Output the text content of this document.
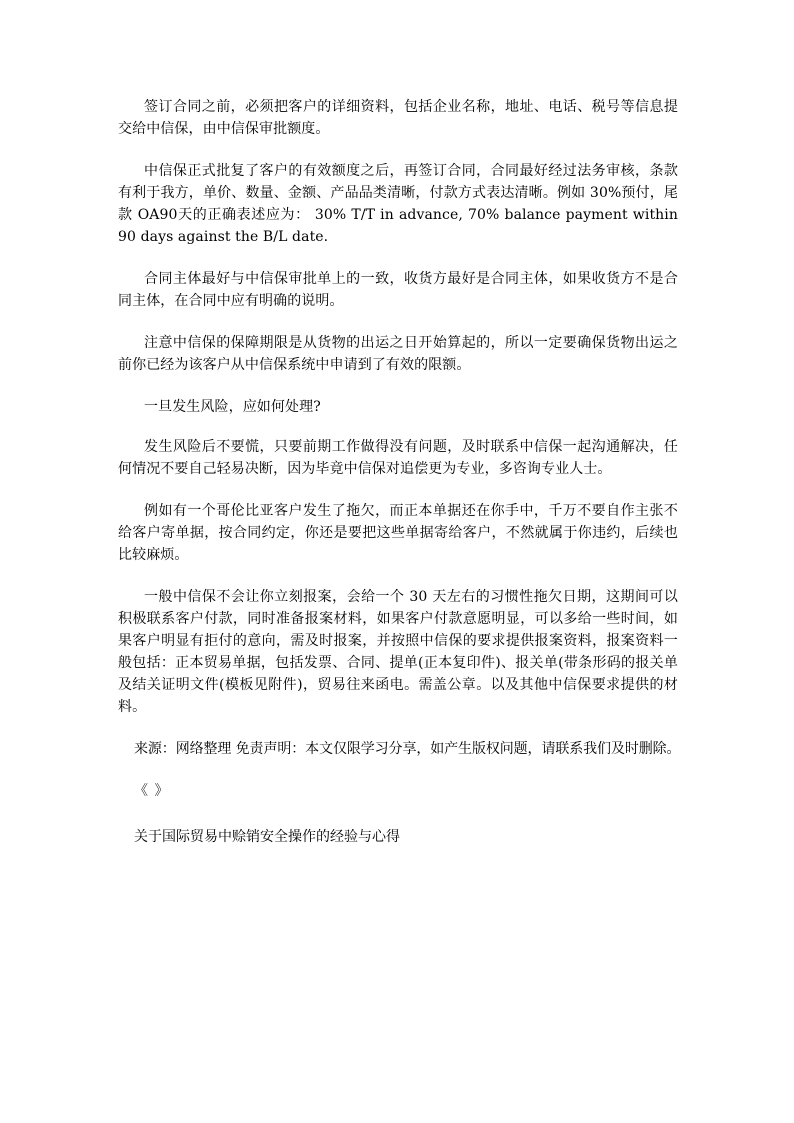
签订合同之前，必须把客户的详细资料，包括企业名称，地址、电话、税号等信息提交给中信保，由中信保审批额度。

中信保正式批复了客户的有效额度之后，再签订合同，合同最好经过法务审核，条款有利于我方，单价、数量、金额、产品品类清晰，付款方式表达清晰。例如 30%预付，尾款 OA90天的正确表述应为： 30% T/T in advance, 70% balance payment within 90 days against the B/L date.

合同主体最好与中信保审批单上的一致，收货方最好是合同主体，如果收货方不是合同主体，在合同中应有明确的说明。

注意中信保的保障期限是从货物的出运之日开始算起的，所以一定要确保货物出运之前你已经为该客户从中信保系统中申请到了有效的限额。

一旦发生风险，应如何处理?

发生风险后不要慌，只要前期工作做得没有问题，及时联系中信保一起沟通解决，任何情况不要自己轻易决断，因为毕竟中信保对追偿更为专业，多咨询专业人士。

例如有一个哥伦比亚客户发生了拖欠，而正本单据还在你手中，千万不要自作主张不给客户寄单据，按合同约定，你还是要把这些单据寄给客户，不然就属于你违约，后续也比较麻烦。

一般中信保不会让你立刻报案，会给一个 30 天左右的习惯性拖欠日期，这期间可以积极联系客户付款，同时准备报案材料，如果客户付款意愿明显，可以多给一些时间，如果客户明显有拒付的意向，需及时报案，并按照中信保的要求提供报案资料，报案资料一般包括：正本贸易单据，包括发票、合同、提单(正本复印件)、报关单(带条形码的报关单及结关证明文件(模板见附件)，贸易往来函电。需盖公章。以及其他中信保要求提供的材料。

来源：网络整理 免责声明：本文仅限学习分享，如产生版权问题，请联系我们及时删除。

《 》

关于国际贸易中赊销安全操作的经验与心得
